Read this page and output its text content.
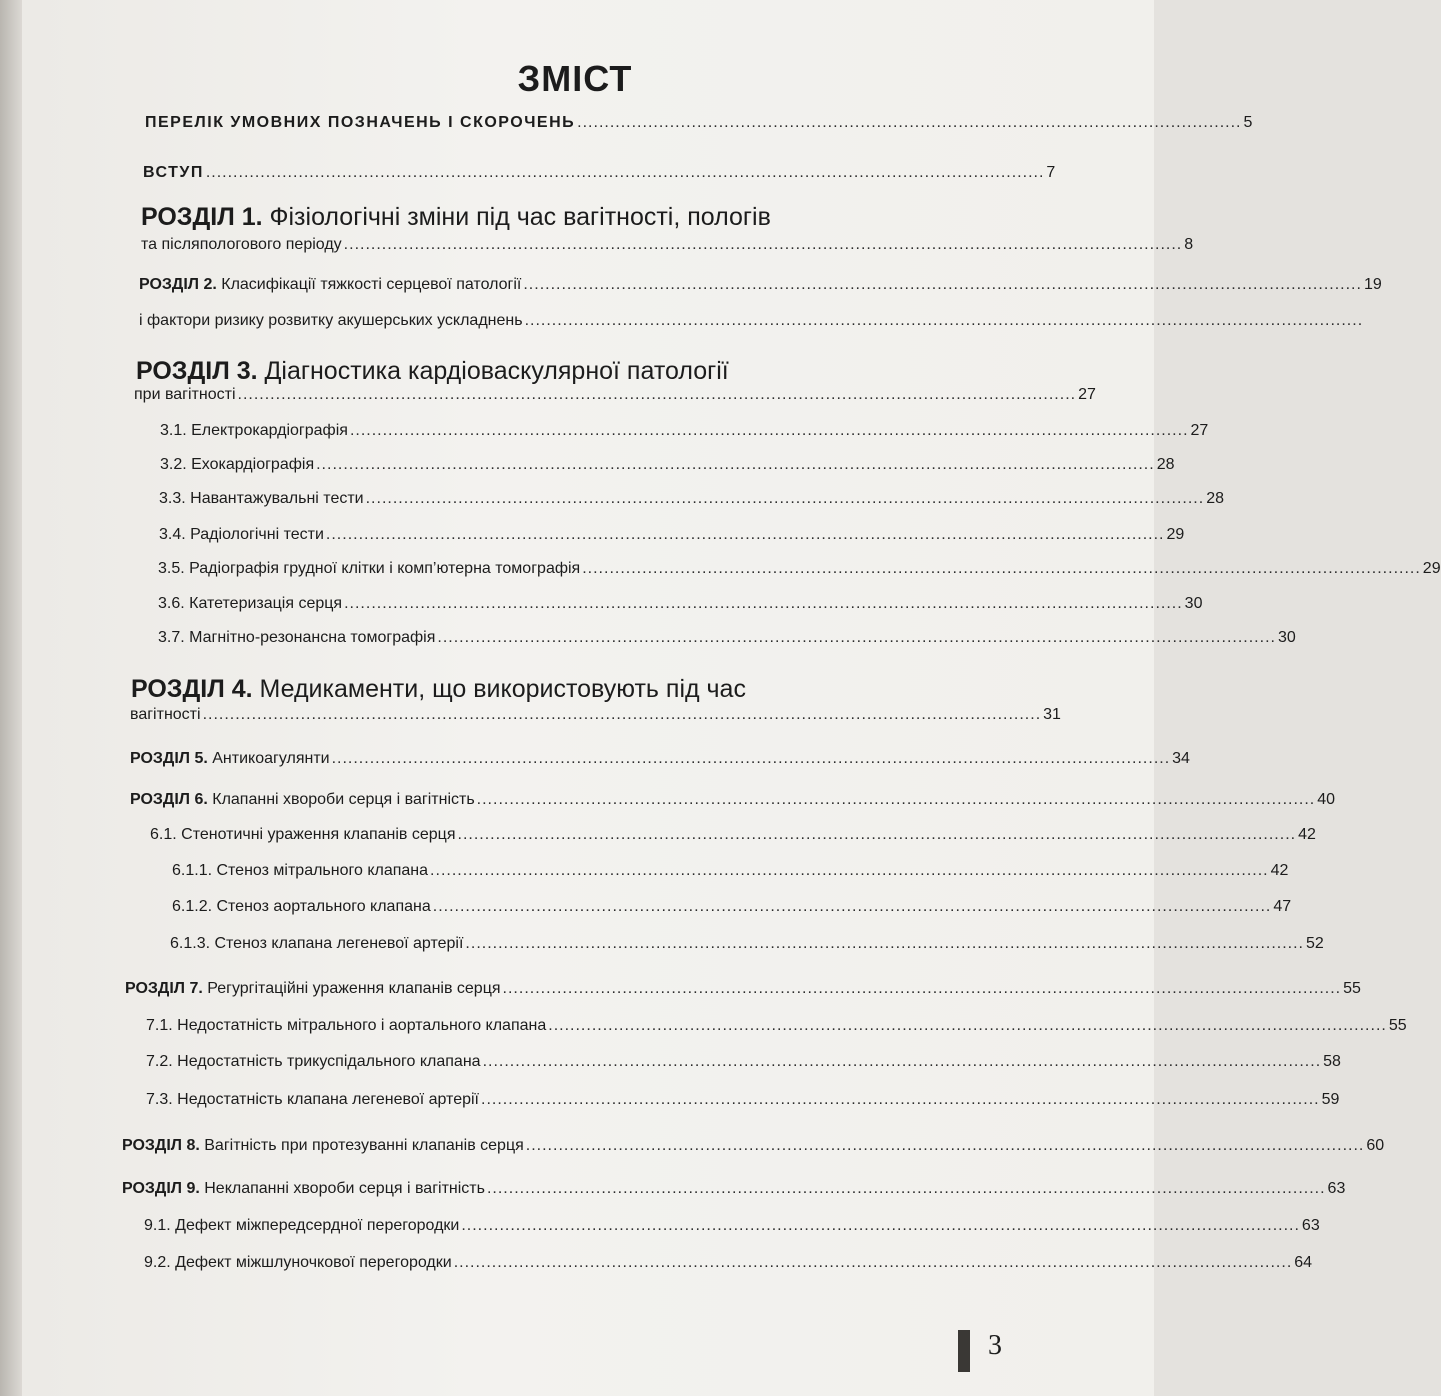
ЗМІСТ
ПЕРЕЛІК УМОВНИХ ПОЗНАЧЕНЬ І СКОРОЧЕНЬ .......................................................................................................................... 5
ВСТУП .......................................................................................................................................................... 7
РОЗДІЛ 1. Фізіологічні зміни під час вагітності, пологів
та післяпологового періоду .......................................................................................................................................................... 8
РОЗДІЛ 2. Класифікації тяжкості серцевої патології .......................................................................................................................................................... 19
і фактори ризику розвитку акушерських ускладнень ..........................................................................................................................................................
РОЗДІЛ 3. Діагностика кардіоваскулярної патології
при вагітності .......................................................................................................................................................... 27
3.1. Електрокардіографія .......................................................................................................................................................... 27
3.2. Ехокардіографія .......................................................................................................................................................... 28
3.3. Навантажувальні тести .......................................................................................................................................................... 28
3.4. Радіологічні тести .......................................................................................................................................................... 29
3.5. Радіографія грудної клітки і комп’ютерна томографія .......................................................................................................................................................... 29
3.6. Катетеризація серця .......................................................................................................................................................... 30
3.7. Магнітно-резонансна томографія .......................................................................................................................................................... 30
РОЗДІЛ 4. Медикаменти, що використовують під час
вагітності .......................................................................................................................................................... 31
РОЗДІЛ 5. Антикоагулянти .......................................................................................................................................................... 34
РОЗДІЛ 6. Клапанні хвороби серця і вагітність .......................................................................................................................................................... 40
6.1. Стенотичні ураження клапанів серця .......................................................................................................................................................... 42
6.1.1. Стеноз мітрального клапана .......................................................................................................................................................... 42
6.1.2. Стеноз аортального клапана .......................................................................................................................................................... 47
6.1.3. Стеноз клапана легеневої артерії .......................................................................................................................................................... 52
РОЗДІЛ 7. Регургітаційні ураження клапанів серця .......................................................................................................................................................... 55
7.1. Недостатність мітрального і аортального клапана .......................................................................................................................................................... 55
7.2. Недостатність трикуспідального клапана .......................................................................................................................................................... 58
7.3. Недостатність клапана легеневої артерії .......................................................................................................................................................... 59
РОЗДІЛ 8. Вагітність при протезуванні клапанів серця .......................................................................................................................................................... 60
РОЗДІЛ 9. Неклапанні хвороби серця і вагітність .......................................................................................................................................................... 63
9.1. Дефект міжпередсердної перегородки .......................................................................................................................................................... 63
9.2. Дефект міжшлуночкової перегородки .......................................................................................................................................................... 64
3
